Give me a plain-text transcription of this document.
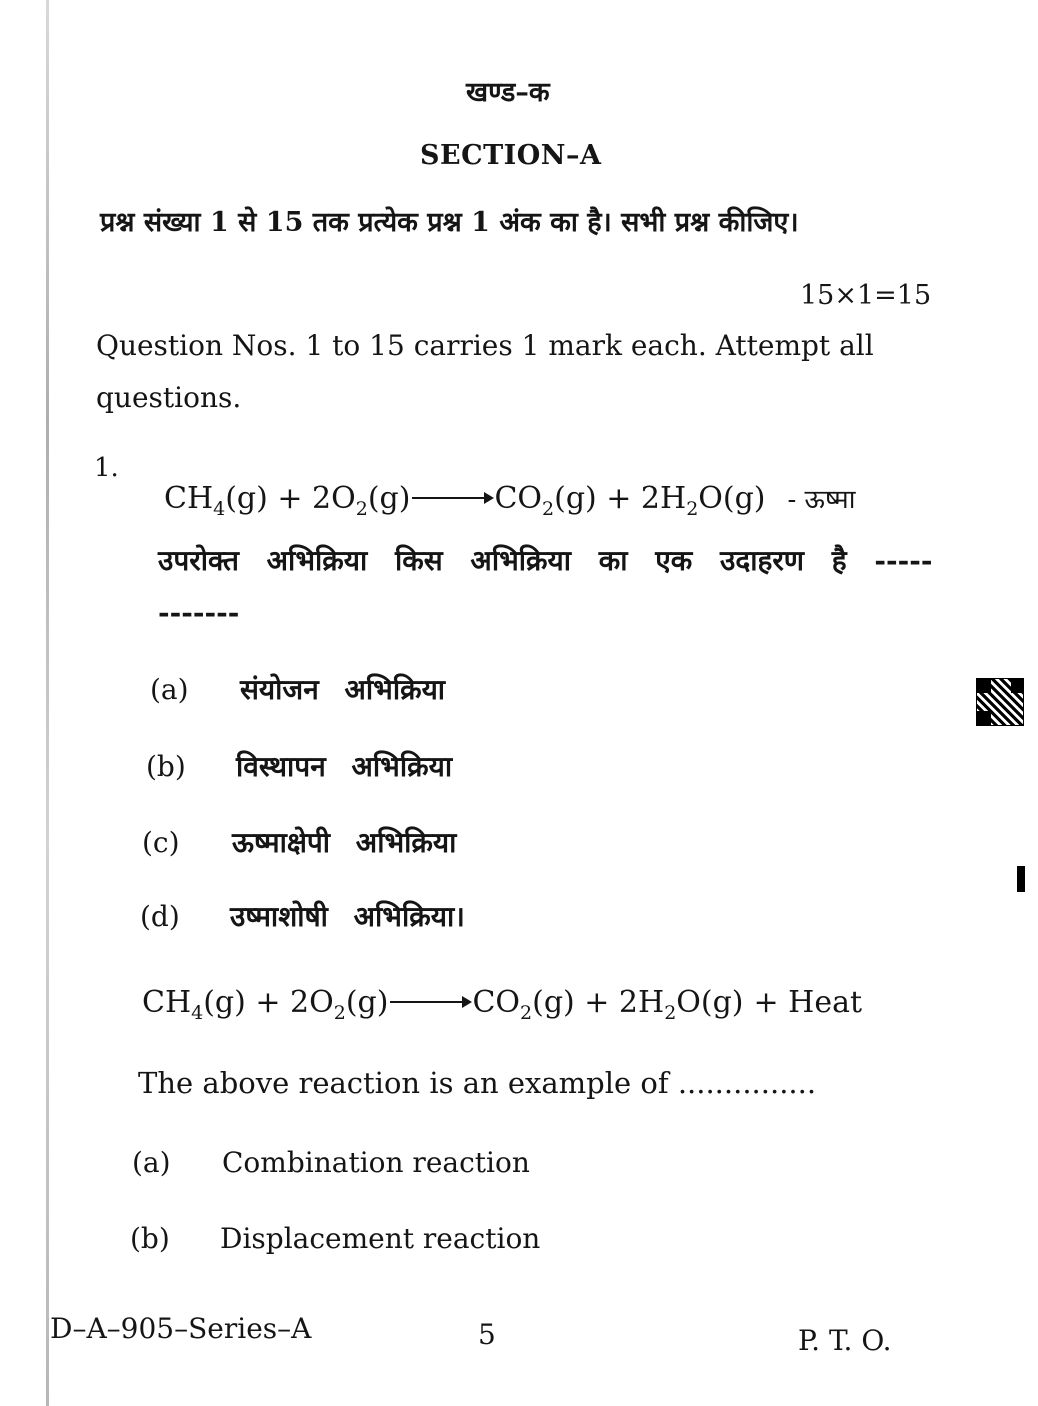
खण्ड–क
SECTION–A
प्रश्न संख्या 1 से 15 तक प्रत्येक प्रश्न 1 अंक का है। सभी प्रश्न कीजिए।
15×1=15
Question Nos. 1 to 15 carries 1 mark each. Attempt all questions.
1.
$CH_4(g) + 2O_2(g) \to CO_2(g) + 2H_2O(g)$ - ऊष्मा
उपरोक्त अभिक्रिया किस अभिक्रिया का एक उदाहरण है ------------
(a) संयोजन अभिक्रिया
(b) विस्थापन अभिक्रिया
(c) ऊष्माक्षेपी अभिक्रिया
(d) उष्माशोषी अभिक्रिया।
$CH_4(g) + 2O_2(g) \to CO_2(g) + 2H_2O(g)$ + Heat
The above reaction is an example of ...............
(a) Combination reaction
(b) Displacement reaction
D–A–905–Series–A	5	P. T. O.
